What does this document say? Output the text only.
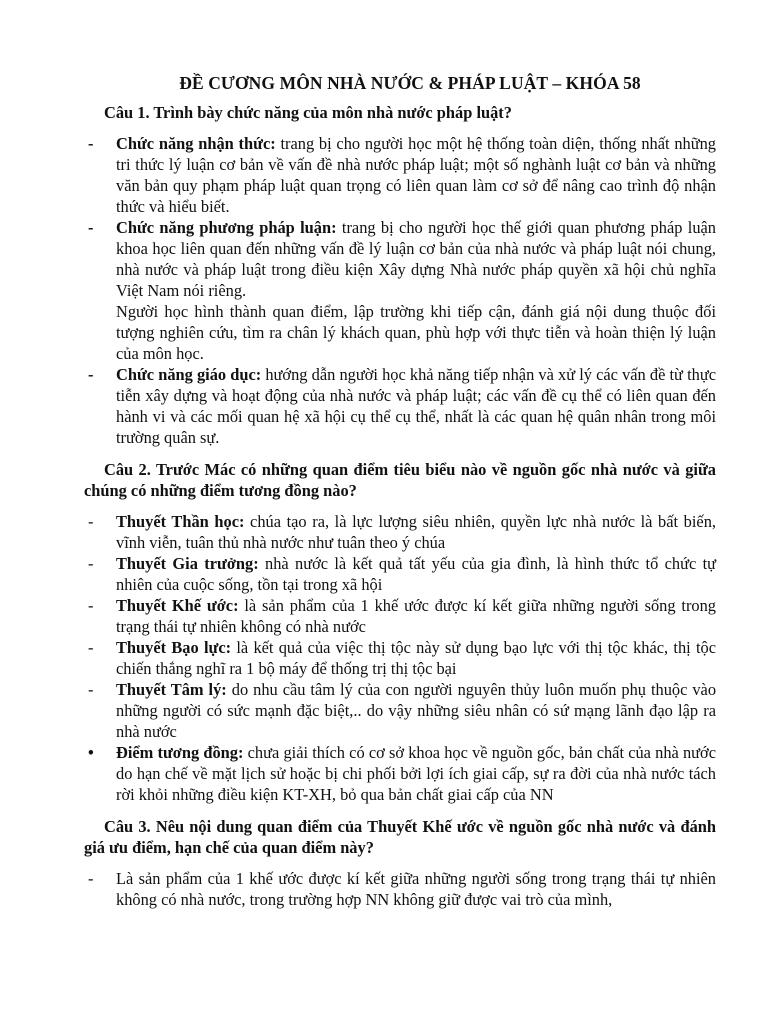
ĐỀ CƯƠNG MÔN NHÀ NƯỚC & PHÁP LUẬT – KHÓA 58
Câu 1. Trình bày chức năng của môn nhà nước pháp luật?
-	Chức năng nhận thức: trang bị cho người học một hệ thống toàn diện, thống nhất những tri thức lý luận cơ bản về vấn đề nhà nước pháp luật; một số nghành luật cơ bản và những văn bản quy phạm pháp luật quan trọng có liên quan làm cơ sở để nâng cao trình độ nhận thức và hiểu biết.
-	Chức năng phương pháp luận: trang bị cho người học thế giới quan phương pháp luận khoa học liên quan đến những vấn đề lý luận cơ bản của nhà nước và pháp luật nói chung, nhà nước và pháp luật trong điều kiện Xây dựng Nhà nước pháp quyền xã hội chủ nghĩa Việt Nam nói riêng.
Người học hình thành quan điểm, lập trường khi tiếp cận, đánh giá nội dung thuộc đối tượng nghiên cứu, tìm ra chân lý khách quan, phù hợp với thực tiễn và hoàn thiện lý luận của môn học.
-	Chức năng giáo dục: hướng dẫn người học khả năng tiếp nhận và xử lý các vấn đề từ thực tiễn xây dựng và hoạt động của nhà nước và pháp luật; các vấn đề cụ thể có liên quan đến hành vi và các mối quan hệ xã hội cụ thể cụ thể, nhất là các quan hệ quân nhân trong môi trường quân sự.
Câu 2. Trước Mác có những quan điểm tiêu biểu nào về nguồn gốc nhà nước và giữa chúng có những điểm tương đồng nào?
-	Thuyết Thần học: chúa tạo ra, là lực lượng siêu nhiên, quyền lực nhà nước là bất biến, vĩnh viễn, tuân thủ nhà nước như tuân theo ý chúa
-	Thuyết Gia trưởng: nhà nước là kết quả tất yếu của gia đình, là hình thức tổ chức tự nhiên của cuộc sống, tồn tại trong xã hội
-	Thuyết Khế ước: là sản phẩm của 1 khế ước được kí kết giữa những người sống trong trạng thái tự nhiên không có nhà nước
-	Thuyết Bạo lực: là kết quả của việc thị tộc này sử dụng bạo lực với thị tộc khác, thị tộc chiến thắng nghĩ ra 1 bộ máy để thống trị thị tộc bại
-	Thuyết Tâm lý: do nhu cầu tâm lý của con người nguyên thủy luôn muốn phụ thuộc vào những người có sức mạnh đặc biệt,.. do vậy những siêu nhân có sứ mạng lãnh đạo lập ra nhà nước
•	Điểm tương đồng: chưa giải thích có cơ sở khoa học về nguồn gốc, bản chất của nhà nước do hạn chế về mặt lịch sử hoặc bị chi phối bởi lợi ích giai cấp, sự ra đời của nhà nước tách rời khỏi những điều kiện KT-XH, bỏ qua bản chất giai cấp của NN
Câu 3. Nêu nội dung quan điểm của Thuyết Khế ước về nguồn gốc nhà nước và đánh giá ưu điểm, hạn chế của quan điểm này?
-	Là sản phẩm của 1 khế ước được kí kết giữa những người sống trong trạng thái tự nhiên không có nhà nước, trong trường hợp NN không giữ được vai trò của mình,
